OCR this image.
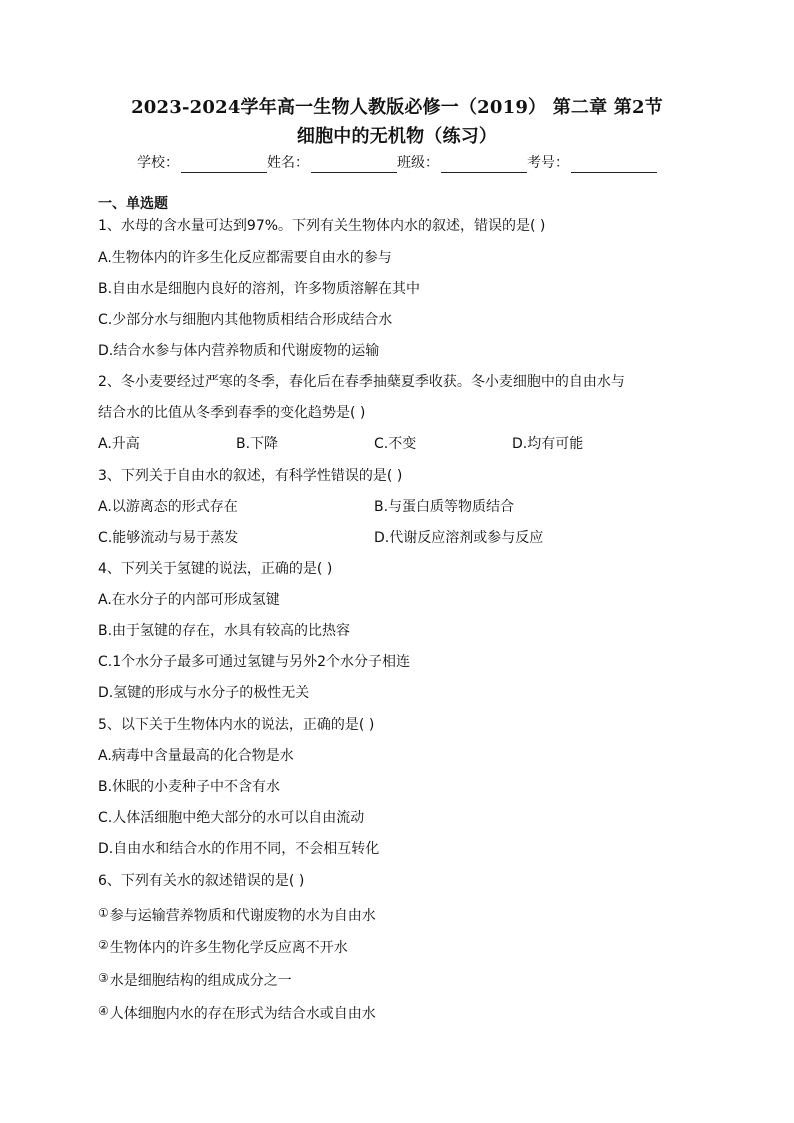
2023-2024学年高一生物人教版必修一（2019） 第二章 第2节
细胞中的无机物（练习）
学校：	姓名：	班级：	考号：
一、单选题
1、水母的含水量可达到97%。下列有关生物体内水的叙述，错误的是( )
A.生物体内的许多生化反应都需要自由水的参与
B.自由水是细胞内良好的溶剂，许多物质溶解在其中
C.少部分水与细胞内其他物质相结合形成结合水
D.结合水参与体内营养物质和代谢废物的运输
2、冬小麦要经过严寒的冬季，春化后在春季抽蘖夏季收获。冬小麦细胞中的自由水与
结合水的比值从冬季到春季的变化趋势是( )
A.升高	B.下降	C.不变	D.均有可能
3、下列关于自由水的叙述，有科学性错误的是( )
A.以游离态的形式存在	B.与蛋白质等物质结合
C.能够流动与易于蒸发	D.代谢反应溶剂或参与反应
4、下列关于氢键的说法，正确的是( )
A.在水分子的内部可形成氢键
B.由于氢键的存在，水具有较高的比热容
C.1个水分子最多可通过氢键与另外2个水分子相连
D.氢键的形成与水分子的极性无关
5、以下关于生物体内水的说法，正确的是( )
A.病毒中含量最高的化合物是水
B.休眠的小麦种子中不含有水
C.人体活细胞中绝大部分的水可以自由流动
D.自由水和结合水的作用不同，不会相互转化
6、下列有关水的叙述错误的是( )
①参与运输营养物质和代谢废物的水为自由水
②生物体内的许多生物化学反应离不开水
③水是细胞结构的组成成分之一
④人体细胞内水的存在形式为结合水或自由水
